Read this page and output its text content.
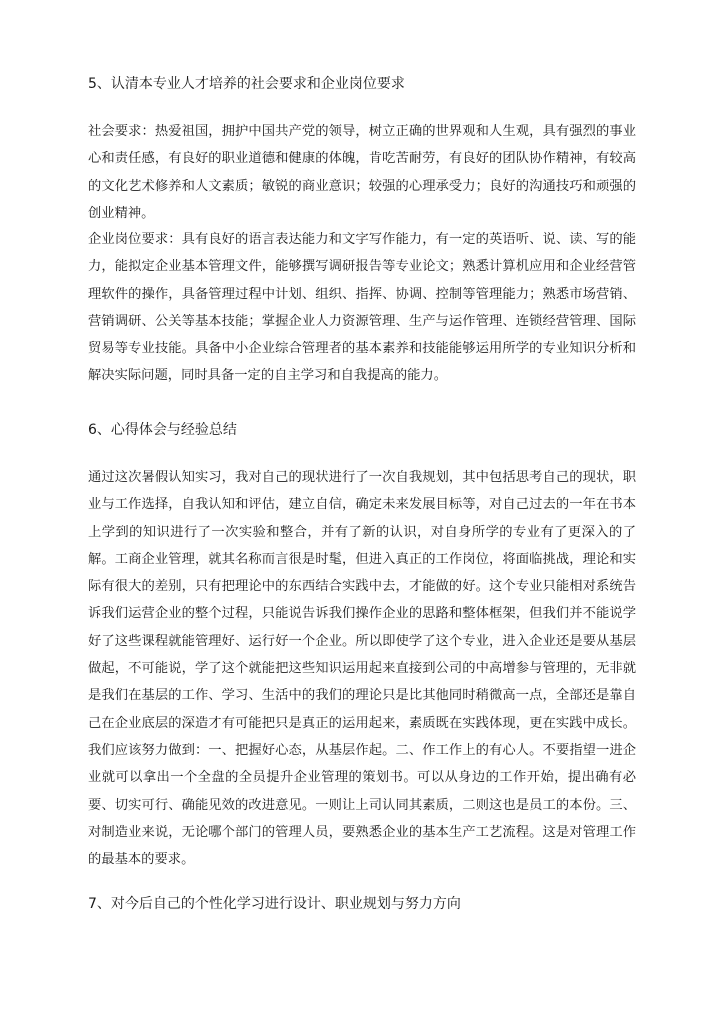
5、认清本专业人才培养的社会要求和企业岗位要求

社会要求：热爱祖国，拥护中国共产党的领导，树立正确的世界观和人生观，具有强烈的事业心和责任感，有良好的职业道德和健康的体魄，肯吃苦耐劳，有良好的团队协作精神，有较高的文化艺术修养和人文素质；敏锐的商业意识；较强的心理承受力；良好的沟通技巧和顽强的创业精神。

企业岗位要求：具有良好的语言表达能力和文字写作能力，有一定的英语听、说、读、写的能力，能拟定企业基本管理文件，能够撰写调研报告等专业论文；熟悉计算机应用和企业经营管理软件的操作，具备管理过程中计划、组织、指挥、协调、控制等管理能力；熟悉市场营销、营销调研、公关等基本技能；掌握企业人力资源管理、生产与运作管理、连锁经营管理、国际贸易等专业技能。具备中小企业综合管理者的基本素养和技能能够运用所学的专业知识分析和解决实际问题，同时具备一定的自主学习和自我提高的能力。

6、心得体会与经验总结

通过这次暑假认知实习，我对自己的现状进行了一次自我规划，其中包括思考自己的现状，职业与工作选择，自我认知和评估，建立自信，确定未来发展目标等，对自己过去的一年在书本上学到的知识进行了一次实验和整合，并有了新的认识，对自身所学的专业有了更深入的了解。工商企业管理，就其名称而言很是时髦，但进入真正的工作岗位，将面临挑战，理论和实际有很大的差别，只有把理论中的东西结合实践中去，才能做的好。这个专业只能相对系统告诉我们运营企业的整个过程，只能说告诉我们操作企业的思路和整体框架，但我们并不能说学好了这些课程就能管理好、运行好一个企业。所以即使学了这个专业，进入企业还是要从基层做起，不可能说，学了这个就能把这些知识运用起来直接到公司的中高增参与管理的，无非就是我们在基层的工作、学习、生活中的我们的理论只是比其他同时稍微高一点，全部还是靠自己在企业底层的深造才有可能把只是真正的运用起来，素质既在实践体现，更在实践中成长。我们应该努力做到：一、把握好心态，从基层作起。二、作工作上的有心人。不要指望一进企业就可以拿出一个全盘的全员提升企业管理的策划书。可以从身边的工作开始，提出确有必要、切实可行、确能见效的改进意见。一则让上司认同其素质，二则这也是员工的本份。三、对制造业来说，无论哪个部门的管理人员，要熟悉企业的基本生产工艺流程。这是对管理工作的最基本的要求。

7、对今后自己的个性化学习进行设计、职业规划与努力方向
